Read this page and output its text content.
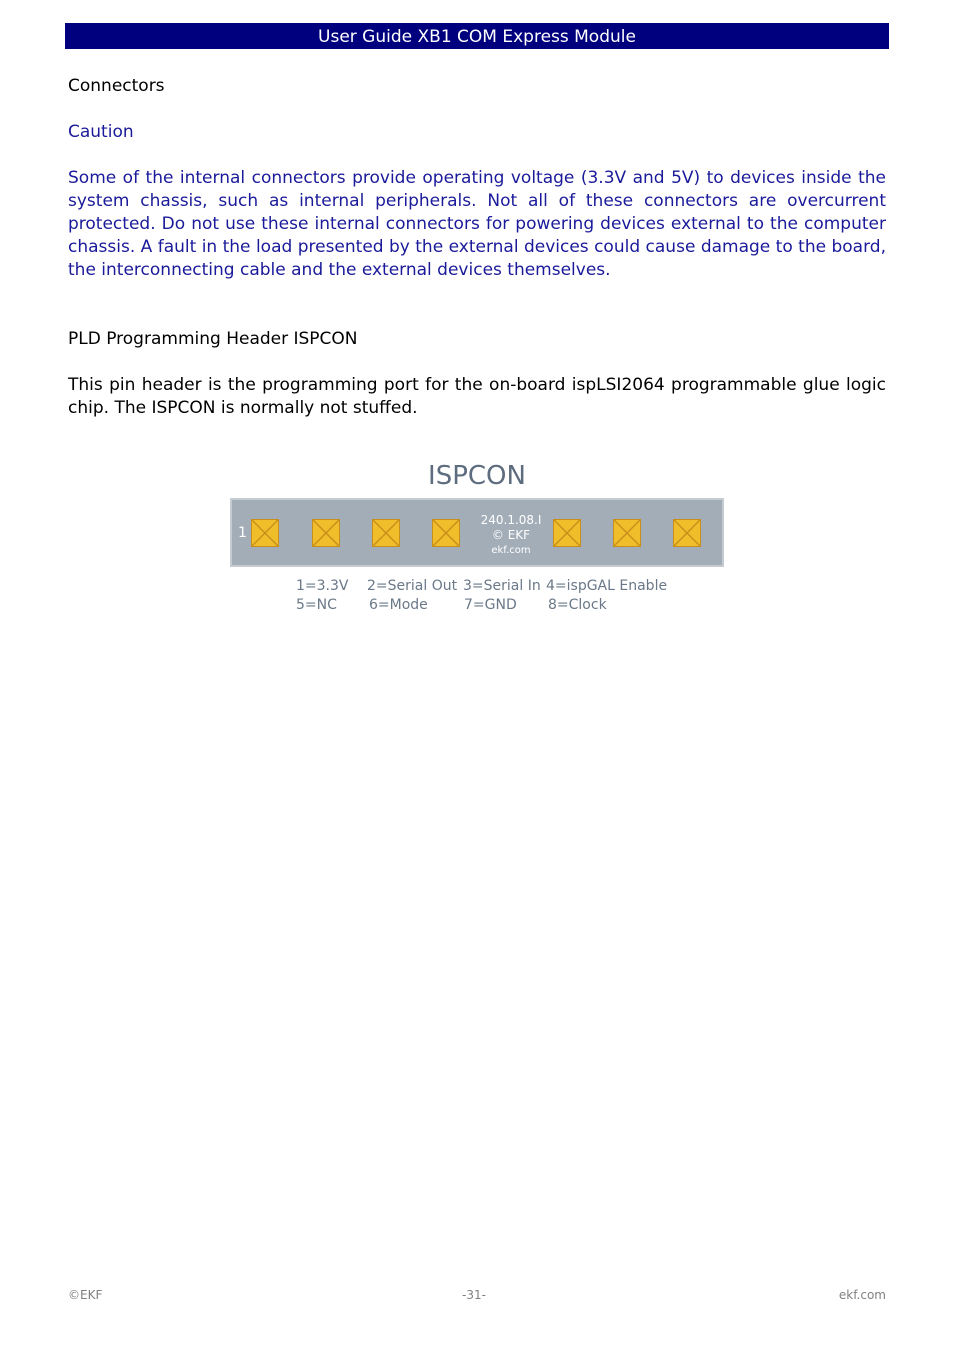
User Guide XB1 COM Express Module
Connectors
Caution

Some of the internal connectors provide operating voltage (3.3V and 5V) to devices inside the system chassis, such as internal peripherals. Not all of these connectors are overcurrent protected. Do not use these internal connectors for powering devices external to the computer chassis. A fault in the load presented by the external devices could cause damage to the board, the interconnecting cable and the external devices themselves.

PLD Programming Header ISPCON

This pin header is the programming port for the on-board ispLSI2064 programmable glue logic chip. The ISPCON is normally not stuffed.

ISPCON
1
240.1.08.I
© EKF
ekf.com
1=3.3V 2=Serial Out 3=Serial In 4=ispGAL Enable
5=NC 6=Mode	7=GND 8=Clock
©EKF	-31-	ekf.com
